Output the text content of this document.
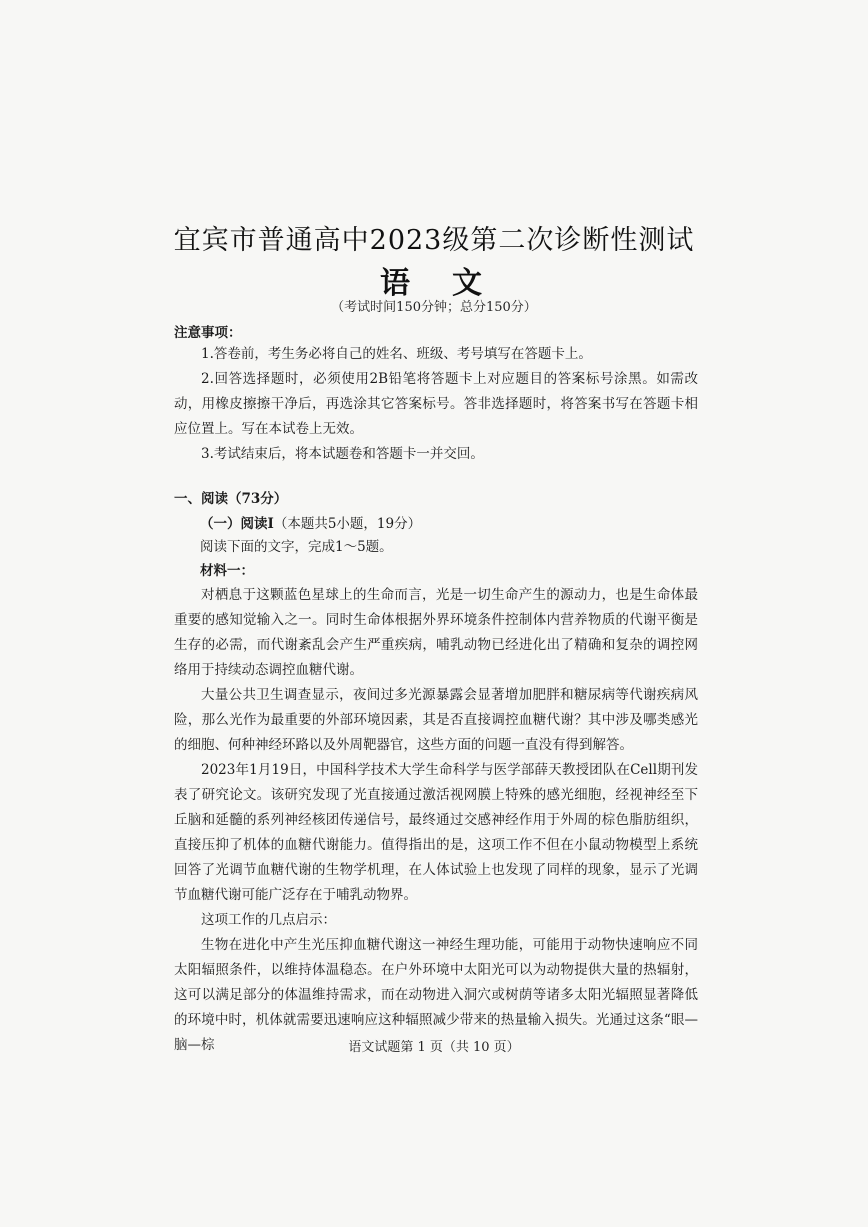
宜宾市普通高中2023级第二次诊断性测试
语　文
（考试时间150分钟；总分150分）
注意事项：

1.答卷前，考生务必将自己的姓名、班级、考号填写在答题卡上。

2.回答选择题时，必须使用2B铅笔将答题卡上对应题目的答案标号涂黑。如需改动，用橡皮擦擦干净后，再选涂其它答案标号。答非选择题时，将答案书写在答题卡相应位置上。写在本试卷上无效。

3.考试结束后，将本试题卷和答题卡一并交回。

一、阅读（73分）
（一）阅读Ⅰ（本题共5小题，19分）
阅读下面的文字，完成1～5题。
材料一：

对栖息于这颗蓝色星球上的生命而言，光是一切生命产生的源动力，也是生命体最重要的感知觉输入之一。同时生命体根据外界环境条件控制体内营养物质的代谢平衡是生存的必需，而代谢紊乱会产生严重疾病，哺乳动物已经进化出了精确和复杂的调控网络用于持续动态调控血糖代谢。

大量公共卫生调查显示，夜间过多光源暴露会显著增加肥胖和糖尿病等代谢疾病风险，那么光作为最重要的外部环境因素，其是否直接调控血糖代谢？其中涉及哪类感光的细胞、何种神经环路以及外周靶器官，这些方面的问题一直没有得到解答。

2023年1月19日，中国科学技术大学生命科学与医学部薛天教授团队在Cell期刊发表了研究论文。该研究发现了光直接通过激活视网膜上特殊的感光细胞，经视神经至下丘脑和延髓的系列神经核团传递信号，最终通过交感神经作用于外周的棕色脂肪组织，直接压抑了机体的血糖代谢能力。值得指出的是，这项工作不但在小鼠动物模型上系统回答了光调节血糖代谢的生物学机理，在人体试验上也发现了同样的现象，显示了光调节血糖代谢可能广泛存在于哺乳动物界。

这项工作的几点启示：

生物在进化中产生光压抑血糖代谢这一神经生理功能，可能用于动物快速响应不同太阳辐照条件，以维持体温稳态。在户外环境中太阳光可以为动物提供大量的热辐射，这可以满足部分的体温维持需求，而在动物进入洞穴或树荫等诸多太阳光辐照显著降低的环境中时，机体就需要迅速响应这种辐照减少带来的热量输入损失。光通过这条“眼—脑—棕	语文试题第 1 页（共 10 页）
